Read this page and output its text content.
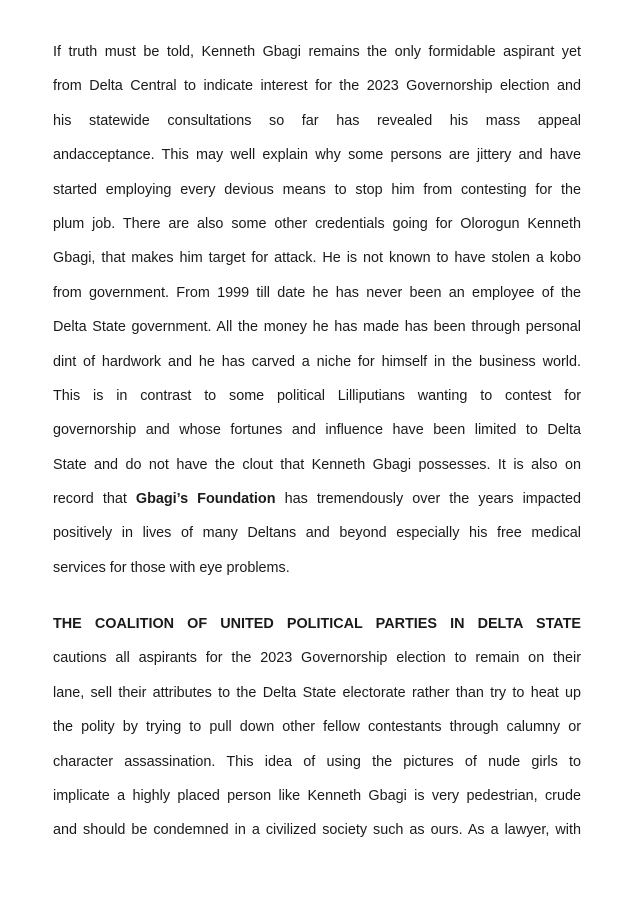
If truth must be told, Kenneth Gbagi remains the only formidable aspirant yet
from Delta Central to indicate interest for the 2023 Governorship election and
his statewide consultations so far has revealed his mass appeal
andacceptance. This may well explain why some persons are jittery and have
started employing every devious means to stop him from contesting for the
plum job. There are also some other credentials going for Olorogun Kenneth
Gbagi, that makes him target for attack. He is not known to have stolen a kobo
from government. From 1999 till date he has never been an employee of the
Delta State government. All the money he has made has been through personal
dint of hardwork and he has carved a niche for himself in the business world.
This is in contrast to some political Lilliputians wanting to contest for
governorship and whose fortunes and influence have been limited to Delta
State and do not have the clout that Kenneth Gbagi possesses. It is also on
record that Gbagi’s Foundation has tremendously over the years impacted
positively in lives of many Deltans and beyond especially his free medical
services for those with eye problems.
THE COALITION OF UNITED POLITICAL PARTIES IN DELTA STATE
cautions all aspirants for the 2023 Governorship election to remain on their
lane, sell their attributes to the Delta State electorate rather than try to heat up
the polity by trying to pull down other fellow contestants through calumny or
character assassination. This idea of using the pictures of nude girls to
implicate a highly placed person like Kenneth Gbagi is very pedestrian, crude
and should be condemned in a civilized society such as ours. As a lawyer, with
